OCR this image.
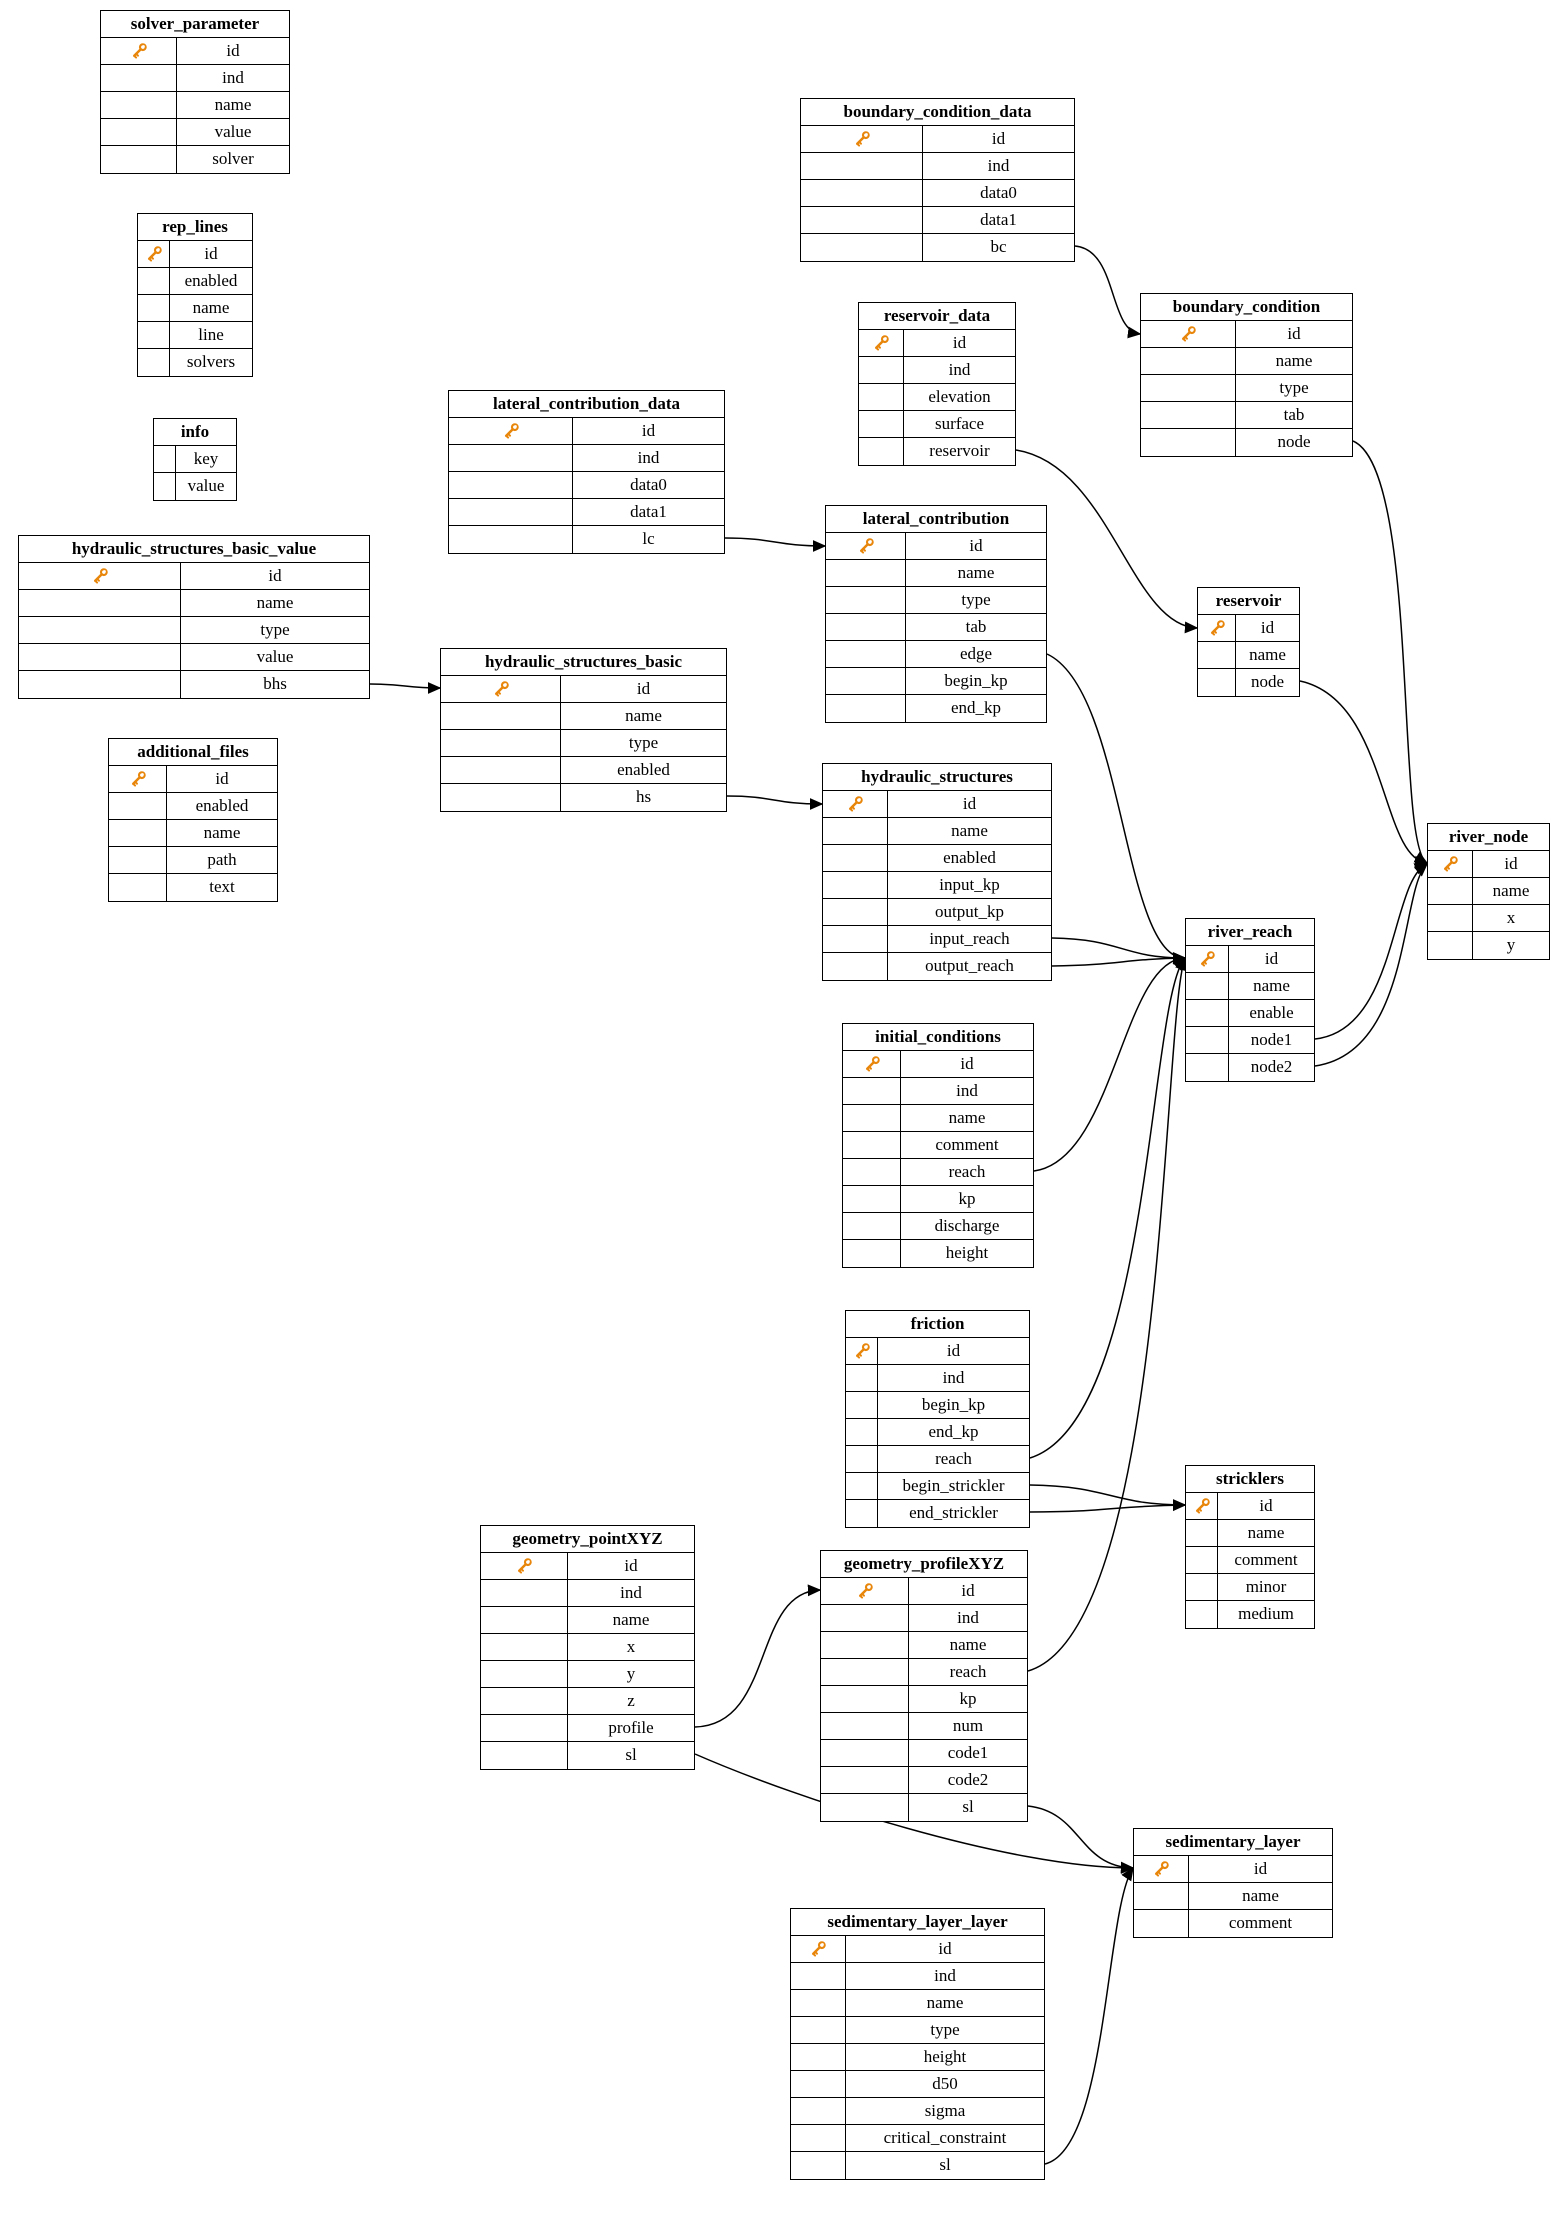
solver_parameter
id
ind
name
value
solver
rep_lines
id
enabled
name
line
solvers
info
key
value
hydraulic_structures_basic_value
id
name
type
value
bhs
additional_files
id
enabled
name
path
text
lateral_contribution_data
id
ind
data0
data1
lc
hydraulic_structures_basic
id
name
type
enabled
hs
boundary_condition_data
id
ind
data0
data1
bc
reservoir_data
id
ind
elevation
surface
reservoir
lateral_contribution
id
name
type
tab
edge
begin_kp
end_kp
hydraulic_structures
id
name
enabled
input_kp
output_kp
input_reach
output_reach
boundary_condition
id
name
type
tab
node
reservoir
id
name
node
river_reach
id
name
enable
node1
node2
river_node
id
name
x
y
initial_conditions
id
ind
name
comment
reach
kp
discharge
height
friction
id
ind
begin_kp
end_kp
reach
begin_strickler
end_strickler
stricklers
id
name
comment
minor
medium
geometry_pointXYZ
id
ind
name
x
y
z
profile
sl
geometry_profileXYZ
id
ind
name
reach
kp
num
code1
code2
sl
sedimentary_layer
id
name
comment
sedimentary_layer_layer
id
ind
name
type
height
d50
sigma
critical_constraint
sl
